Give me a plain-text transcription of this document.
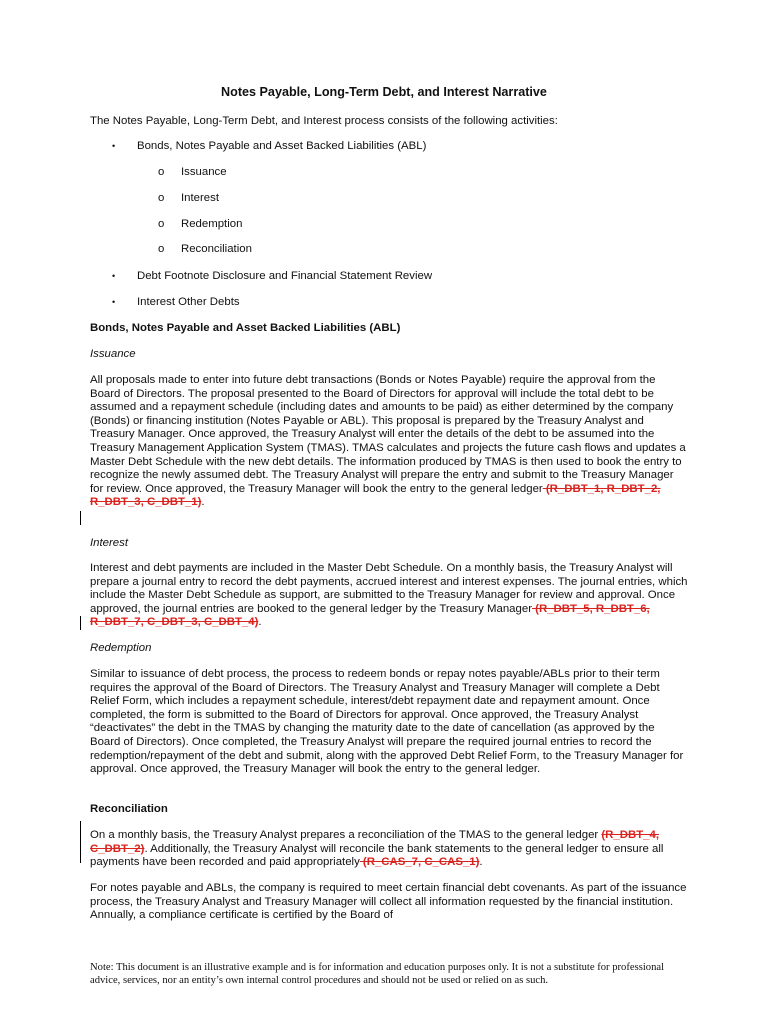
Notes Payable, Long-Term Debt, and Interest Narrative
The Notes Payable, Long-Term Debt, and Interest process consists of the following activities:
•	Bonds, Notes Payable and Asset Backed Liabilities (ABL)
o	Issuance
o	Interest
o	Redemption
o	Reconciliation
•	Debt Footnote Disclosure and Financial Statement Review
•	Interest Other Debts
Bonds, Notes Payable and Asset Backed Liabilities (ABL)
Issuance

All proposals made to enter into future debt transactions (Bonds or Notes Payable) require the approval from the Board of Directors. The proposal presented to the Board of Directors for approval will include the total debt to be assumed and a repayment schedule (including dates and amounts to be paid) as either determined by the company (Bonds) or financing institution (Notes Payable or ABL). This proposal is prepared by the Treasury Analyst and Treasury Manager. Once approved, the Treasury Analyst will enter the details of the debt to be assumed into the Treasury Management Application System (TMAS). TMAS calculates and projects the future cash flows and updates a Master Debt Schedule with the new debt details. The information produced by TMAS is then used to book the entry to recognize the newly assumed debt. The Treasury Analyst will prepare the entry and submit to the Treasury Manager for review. Once approved, the Treasury Manager will book the entry to the general ledger (R_DBT_1, R_DBT_2, R_DBT_3, C_DBT_1).

Interest

Interest and debt payments are included in the Master Debt Schedule. On a monthly basis, the Treasury Analyst will prepare a journal entry to record the debt payments, accrued interest and interest expenses. The journal entries, which include the Master Debt Schedule as support, are submitted to the Treasury Manager for review and approval. Once approved, the journal entries are booked to the general ledger by the Treasury Manager (R_DBT_5, R_DBT_6, R_DBT_7, C_DBT_3, C_DBT_4).

Redemption

Similar to issuance of debt process, the process to redeem bonds or repay notes payable/ABLs prior to their term requires the approval of the Board of Directors. The Treasury Analyst and Treasury Manager will complete a Debt Relief Form, which includes a repayment schedule, interest/debt repayment date and repayment amount. Once completed, the form is submitted to the Board of Directors for approval. Once approved, the Treasury Analyst “deactivates” the debt in the TMAS by changing the maturity date to the date of cancellation (as approved by the Board of Directors). Once completed, the Treasury Analyst will prepare the required journal entries to record the redemption/repayment of the debt and submit, along with the approved Debt Relief Form, to the Treasury Manager for approval. Once approved, the Treasury Manager will book the entry to the general ledger.

Reconciliation

On a monthly basis, the Treasury Analyst prepares a reconciliation of the TMAS to the general ledger (R_DBT_4, C_DBT_2). Additionally, the Treasury Analyst will reconcile the bank statements to the general ledger to ensure all payments have been recorded and paid appropriately (R_CAS_7, C_CAS_1).

For notes payable and ABLs, the company is required to meet certain financial debt covenants. As part of the issuance process, the Treasury Analyst and Treasury Manager will collect all information requested by the financial institution. Annually, a compliance certificate is certified by the Board of

Note: This document is an illustrative example and is for information and education purposes only. It is not a substitute for professional advice, services, nor an entity’s own internal control procedures and should not be used or relied on as such.
